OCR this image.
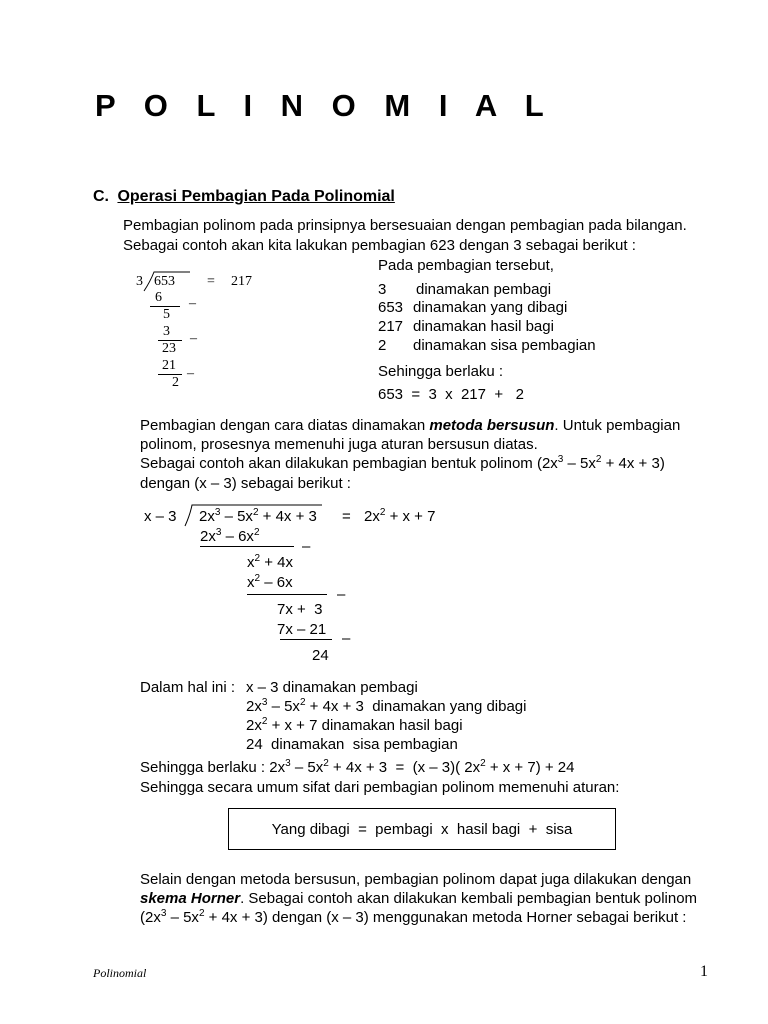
P O L I N O M I A L
C. Operasi Pembagian Pada Polinomial
Pembagian polinom pada prinsipnya bersesuaian dengan pembagian pada bilangan.
Sebagai contoh akan kita lakukan pembagian 623 dengan 3 sebagai berikut :
3 653 = 217
6 –
5
3 –
23
21
–
2
Pada pembagian tersebut,
3 dinamakan pembagi
653 dinamakan yang dibagi
217 dinamakan hasil bagi
2 dinamakan sisa pembagian
Sehingga berlaku :
653  =  3  x  217  +   2
Pembagian dengan cara diatas dinamakan metoda bersusun. Untuk pembagian
polinom, prosesnya memenuhi juga aturan bersusun diatas.
Sebagai contoh akan dilakukan pembagian bentuk polinom $(2x^3 - 5x^2 + 4x + 3)$
dengan (x – 3) sebagai berikut :
x – 3 $2x^3 - 5x^2 + 4x + 3 = 2x^2 + x + 7$
$2x^3 - 6x^2$
–
$x^2 + 4x$
$x^2 - 6x$
–
7x +  3
7x – 21
–
24
Dalam hal ini : x – 3 dinamakan pembagi
$2x^3 - 5x^2 + 4x + 3$  dinamakan yang dibagi
$2x^2 + x + 7$ dinamakan hasil bagi
24  dinamakan  sisa pembagian
Sehingga berlaku : $2x^3 - 5x^2 + 4x + 3 = (x - 3)$( $2x^2 + x + 7) + 24$
Sehingga secara umum sifat dari pembagian polinom memenuhi aturan:
Yang dibagi  =  pembagi  x  hasil bagi  +  sisa
Selain dengan metoda bersusun, pembagian polinom dapat juga dilakukan dengan
skema Horner. Sebagai contoh akan dilakukan kembali pembagian bentuk polinom
$(2x^3 - 5x^2 + 4x + 3)$ dengan (x – 3) menggunakan metoda Horner sebagai berikut :
Polinomial	1
